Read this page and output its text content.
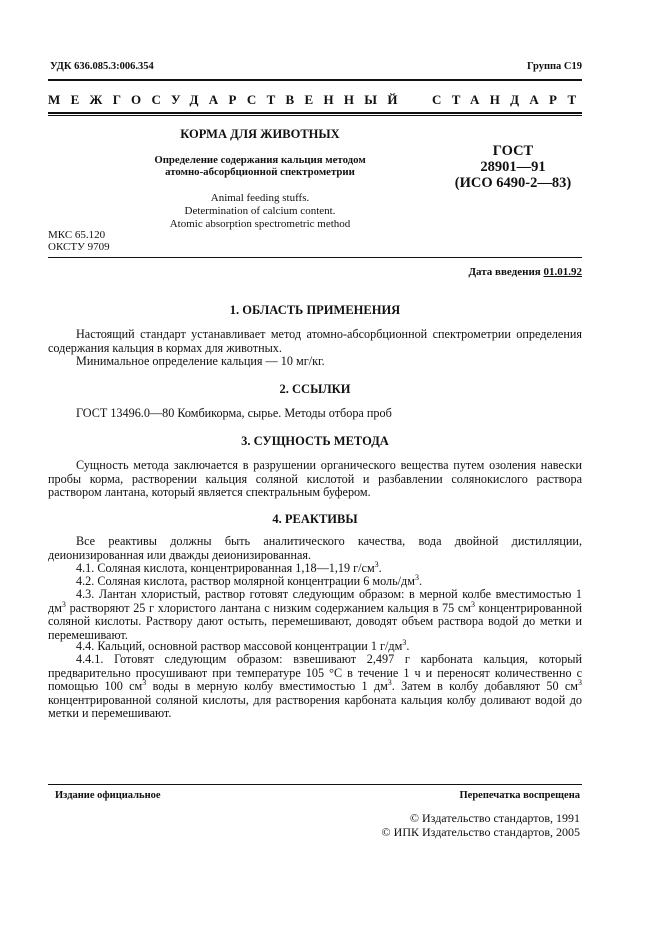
УДК 636.085.3:006.354	Группа С19
МЕЖГОСУДАРСТВЕННЫЙ СТАНДАРТ
КОРМА ДЛЯ ЖИВОТНЫХ
Определение содержания кальция методом
атомно-абсорбционной спектрометрии
Animal feeding stuffs.
Determination of calcium content.
Atomic absorption spectrometric method
ГОСТ
28901—91
(ИСО 6490-2—83)
МКС 65.120
ОКСТУ 9709
Дата введения 01.01.92
1. ОБЛАСТЬ ПРИМЕНЕНИЯ
Настоящий стандарт устанавливает метод атомно-абсорбционной спектрометрии определения содержания кальция в кормах для животных.
Минимальное определение кальция — 10 мг/кг.
2. ССЫЛКИ
ГОСТ 13496.0—80 Комбикорма, сырье. Методы отбора проб
3. СУЩНОСТЬ МЕТОДА
Сущность метода заключается в разрушении органического вещества путем озоления навески пробы корма, растворении кальция соляной кислотой и разбавлении солянокислого раствора раствором лантана, который является спектральным буфером.
4. РЕАКТИВЫ
Все реактивы должны быть аналитического качества, вода двойной дистилляции, деионизированная или дважды деионизированная.
4.1. Соляная кислота, концентрированная 1,18—1,19 $г/см^3$.
4.2. Соляная кислота, раствор молярной концентрации 6 моль/$дм^3$.
4.3. Лантан хлористый, раствор готовят следующим образом: в мерной колбе вместимостью 1 $дм^3$ растворяют 25 г хлористого лантана с низким содержанием кальция в 75 $см^3$ концентрированной соляной кислоты. Раствору дают остыть, перемешивают, доводят объем раствора водой до метки и перемешивают.
4.4. Кальций, основной раствор массовой концентрации 1 $г/дм^3$.
4.4.1. Готовят следующим образом: взвешивают 2,497 г карбоната кальция, который предварительно просушивают при температуре 105 °С в течение 1 ч и переносят количественно с помощью 100 $см^3$ воды в мерную колбу вместимостью 1 $дм^3$. Затем в колбу добавляют 50 $см^3$ концентрированной соляной кислоты, для растворения карбоната кальция колбу доливают водой до метки и перемешивают.
Издание официальное	Перепечатка воспрещена
© Издательство стандартов, 1991
© ИПК Издательство стандартов, 2005
